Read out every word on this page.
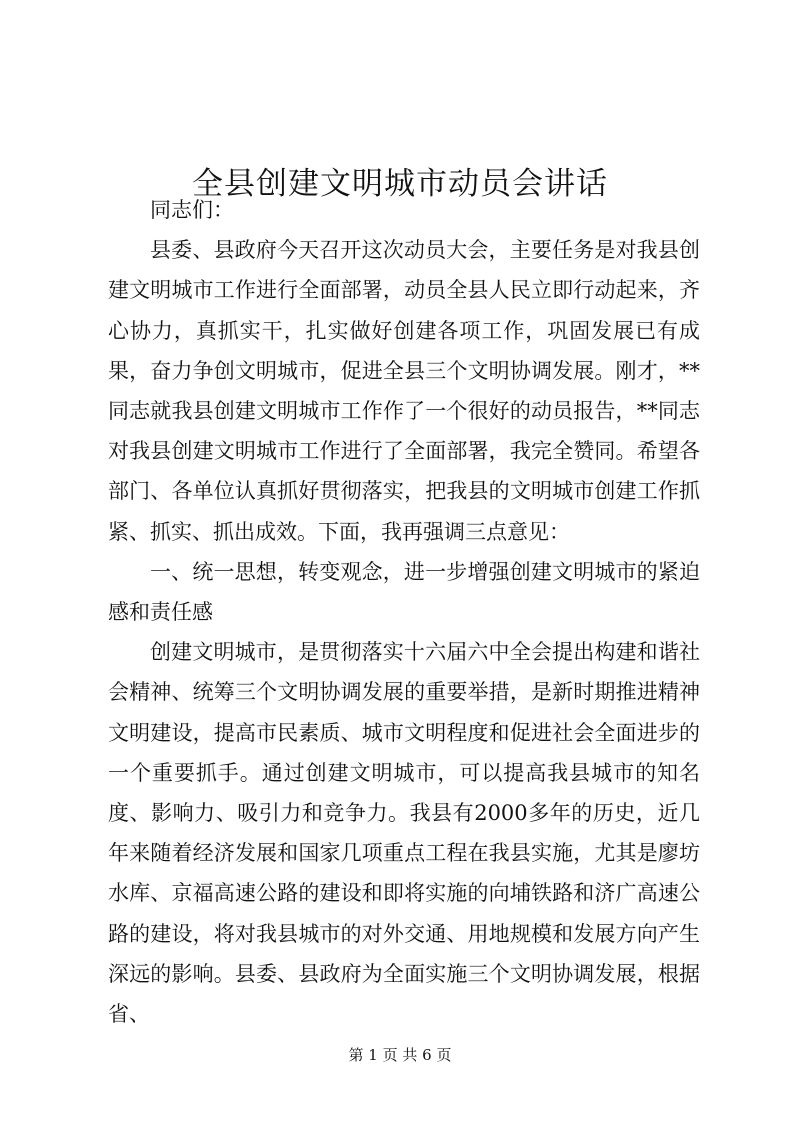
全县创建文明城市动员会讲话

同志们：

县委、县政府今天召开这次动员大会，主要任务是对我县创建文明城市工作进行全面部署，动员全县人民立即行动起来，齐心协力，真抓实干，扎实做好创建各项工作，巩固发展已有成果，奋力争创文明城市，促进全县三个文明协调发展。刚才，**同志就我县创建文明城市工作作了一个很好的动员报告，**同志对我县创建文明城市工作进行了全面部署，我完全赞同。希望各部门、各单位认真抓好贯彻落实，把我县的文明城市创建工作抓紧、抓实、抓出成效。下面，我再强调三点意见：

一、统一思想，转变观念，进一步增强创建文明城市的紧迫感和责任感

创建文明城市，是贯彻落实十六届六中全会提出构建和谐社会精神、统筹三个文明协调发展的重要举措，是新时期推进精神文明建设，提高市民素质、城市文明程度和促进社会全面进步的一个重要抓手。通过创建文明城市，可以提高我县城市的知名度、影响力、吸引力和竞争力。我县有2000多年的历史，近几年来随着经济发展和国家几项重点工程在我县实施，尤其是廖坊水库、京福高速公路的建设和即将实施的向埔铁路和济广高速公路的建设，将对我县城市的对外交通、用地规模和发展方向产生深远的影响。县委、县政府为全面实施三个文明协调发展，根据省、

第 1 页 共 6 页
